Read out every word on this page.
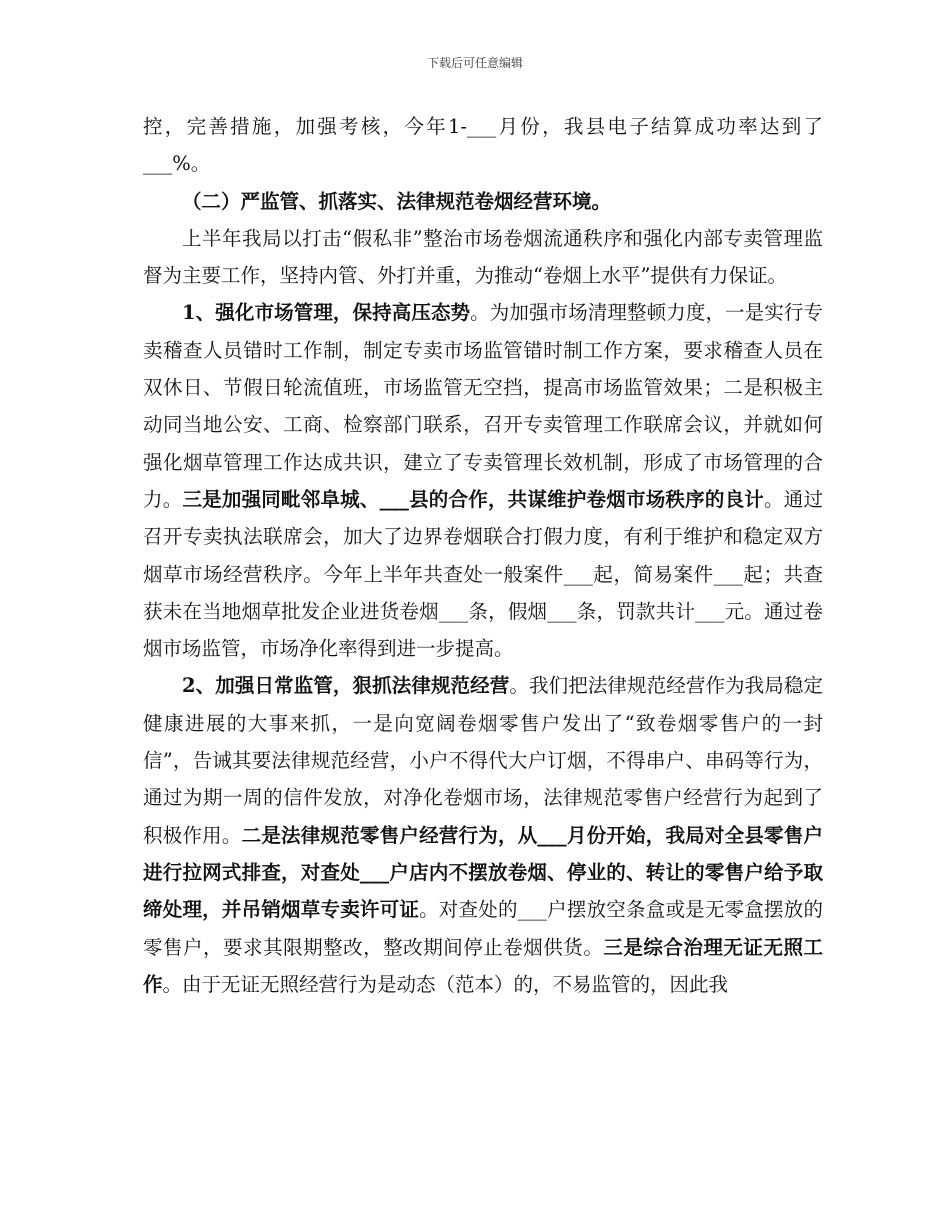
下载后可任意编辑

控，完善措施，加强考核，今年1-___月份，我县电子结算成功率达到了___%。

（二）严监管、抓落实、法律规范卷烟经营环境。

上半年我局以打击“假私非”整治市场卷烟流通秩序和强化内部专卖管理监督为主要工作，坚持内管、外打并重，为推动“卷烟上水平”提供有力保证。

1、强化市场管理，保持高压态势。为加强市场清理整顿力度，一是实行专卖稽查人员错时工作制，制定专卖市场监管错时制工作方案，要求稽查人员在双休日、节假日轮流值班，市场监管无空挡，提高市场监管效果；二是积极主动同当地公安、工商、检察部门联系，召开专卖管理工作联席会议，并就如何强化烟草管理工作达成共识，建立了专卖管理长效机制，形成了市场管理的合力。三是加强同毗邻阜城、___县的合作，共谋维护卷烟市场秩序的良计。通过召开专卖执法联席会，加大了边界卷烟联合打假力度，有利于维护和稳定双方烟草市场经营秩序。今年上半年共查处一般案件___起，简易案件___起；共查获未在当地烟草批发企业进货卷烟___条，假烟___条，罚款共计___元。通过卷烟市场监管，市场净化率得到进一步提高。

2、加强日常监管，狠抓法律规范经营。我们把法律规范经营作为我局稳定健康进展的大事来抓，一是向宽阔卷烟零售户发出了“致卷烟零售户的一封信”，告诫其要法律规范经营，小户不得代大户订烟，不得串户、串码等行为，通过为期一周的信件发放，对净化卷烟市场，法律规范零售户经营行为起到了积极作用。二是法律规范零售户经营行为，从___月份开始，我局对全县零售户进行拉网式排查，对查处___户店内不摆放卷烟、停业的、转让的零售户给予取缔处理，并吊销烟草专卖许可证。对查处的___户摆放空条盒或是无零盒摆放的零售户，要求其限期整改，整改期间停止卷烟供货。三是综合治理无证无照工作。由于无证无照经营行为是动态（范本）的，不易监管的，因此我
